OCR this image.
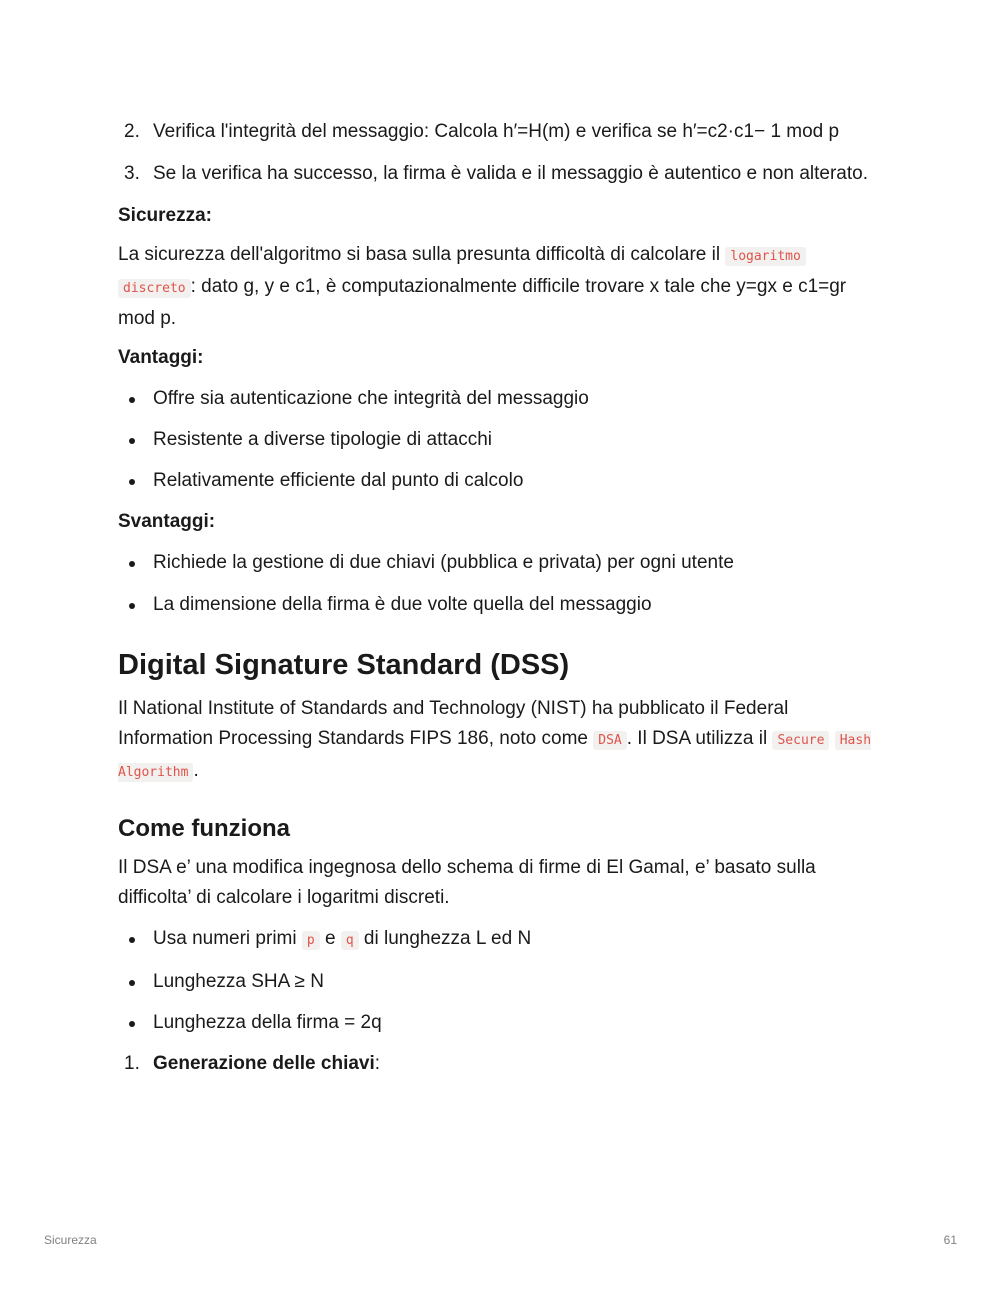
2. Verifica l'integrità del messaggio: Calcola h′=H(m) e verifica se h′=c2·c1− 1 mod p
3. Se la verifica ha successo, la firma è valida e il messaggio è autentico e non alterato.

Sicurezza:

La sicurezza dell'algoritmo si basa sulla presunta difficoltà di calcolare il logaritmo discreto : dato g, y e c1, è computazionalmente difficile trovare x tale che y=gx e c1=gr mod p.

Vantaggi:

Offre sia autenticazione che integrità del messaggio
Resistente a diverse tipologie di attacchi
Relativamente efficiente dal punto di calcolo

Svantaggi:

Richiede la gestione di due chiavi (pubblica e privata) per ogni utente
La dimensione della firma è due volte quella del messaggio
Digital Signature Standard (DSS)

Il National Institute of Standards and Technology (NIST) ha pubblicato il Federal Information Processing Standards FIPS 186, noto come DSA . Il DSA utilizza il Secure Hash Algorithm .

Come funziona

Il DSA e’ una modifica ingegnosa dello schema di firme di El Gamal, e’ basato sulla difficolta’ di calcolare i logaritmi discreti.

Usa numeri primi p e q di lunghezza L ed N
Lunghezza SHA ≥ N
Lunghezza della firma = 2q
1. Generazione delle chiavi:
Sicurezza	61
